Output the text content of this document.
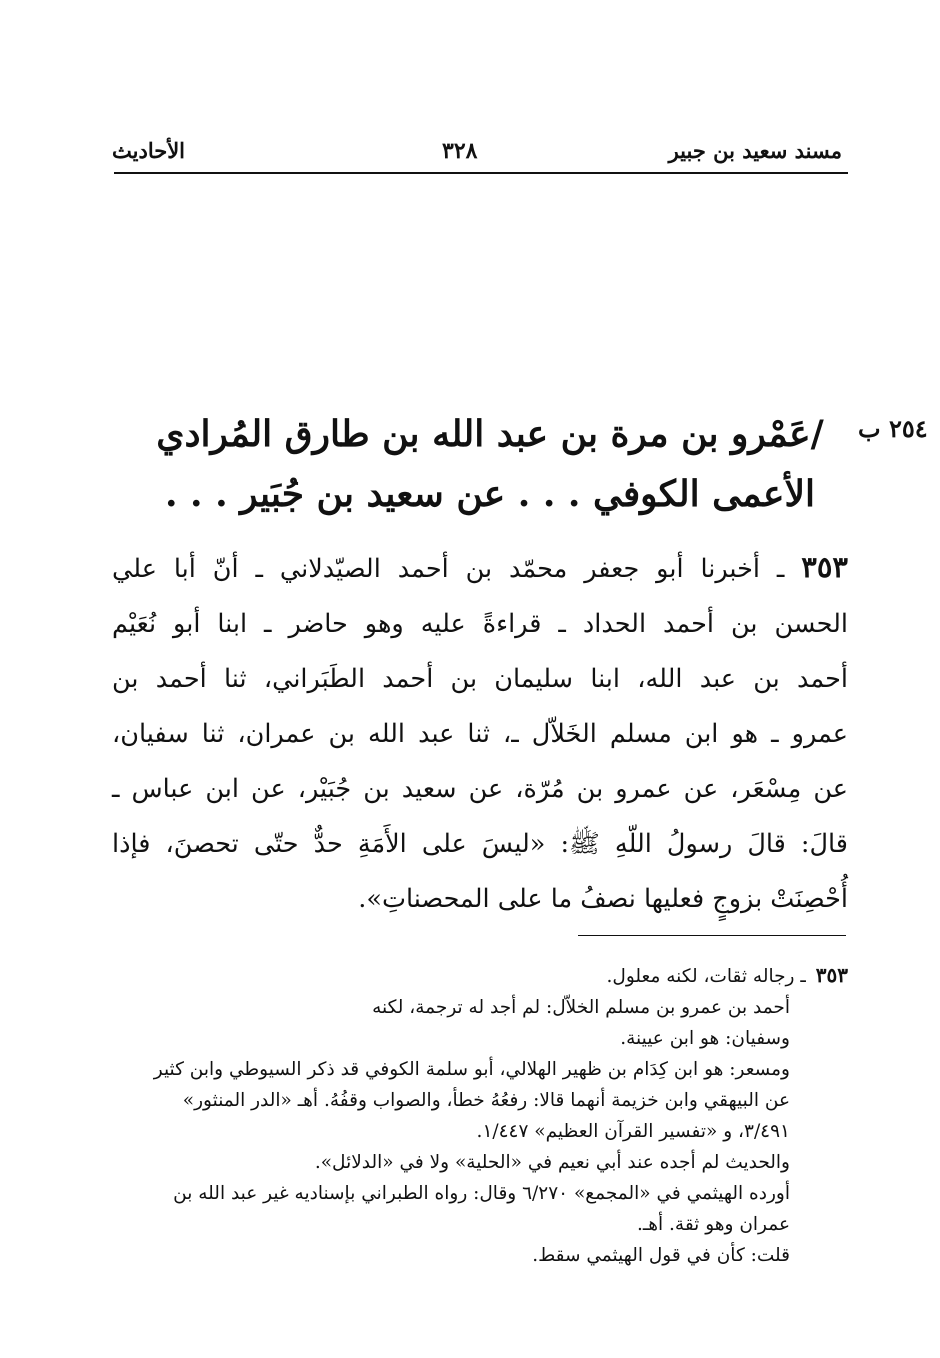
مسند سعيد بن جبير
٣٢٨
الأحاديث
٢٥٤ ب
/عَمْرو بن مرة بن عبد الله بن طارق المُرادي
الأعمى الكوفي . . . عن سعيد بن جُبَير . . .
٣٥٣ ـ أخبرنا أبو جعفر محمّد بن أحمد الصيّدلاني ـ أنّ أبا علي
الحسن بن أحمد الحداد ـ قراءةً عليه وهو حاضر ـ ابنا أبو نُعَيْم
أحمد بن عبد الله، ابنا سليمان بن أحمد الطَبَراني، ثنا أحمد بن
عمرو ـ هو ابن مسلم الخَلاّل ـ، ثنا عبد الله بن عمران، ثنا سفيان،
عن مِسْعَر، عن عمرو بن مُرّة، عن سعيد بن جُبَيْر، عن ابن عباس ـ
قالَ: قالَ رسولُ اللّهِ ﷺ: «ليسَ على الأَمَةِ حدٌّ حتّى تحصنَ، فإذا
أُحْصِنَتْ بزوجٍ فعليها نصفُ ما على المحصناتِ».
٣٥٣ـ رجاله ثقات، لكنه معلول.
أحمد بن عمرو بن مسلم الخلاّل: لم أجد له ترجمة، لكنه
وسفيان: هو ابن عيينة.
ومسعر: هو ابن كِدَام بن ظهير الهلالي، أبو سلمة الكوفي قد ذكر السيوطي وابن كثير
عن البيهقي وابن خزيمة أنهما قالا: رفعُهُ خطأ، والصواب وقفُهُ. أهـ «الدر المنثور»
٣/٤٩١، و «تفسير القرآن العظيم» ١/٤٤٧.
والحديث لم أجده عند أبي نعيم في «الحلية» ولا في «الدلائل».
أورده الهيثمي في «المجمع» ٦/٢٧٠ وقال: رواه الطبراني بإسناديه غير عبد الله بن
عمران وهو ثقة. أهـ.
قلت: كأن في قول الهيثمي سقط.
